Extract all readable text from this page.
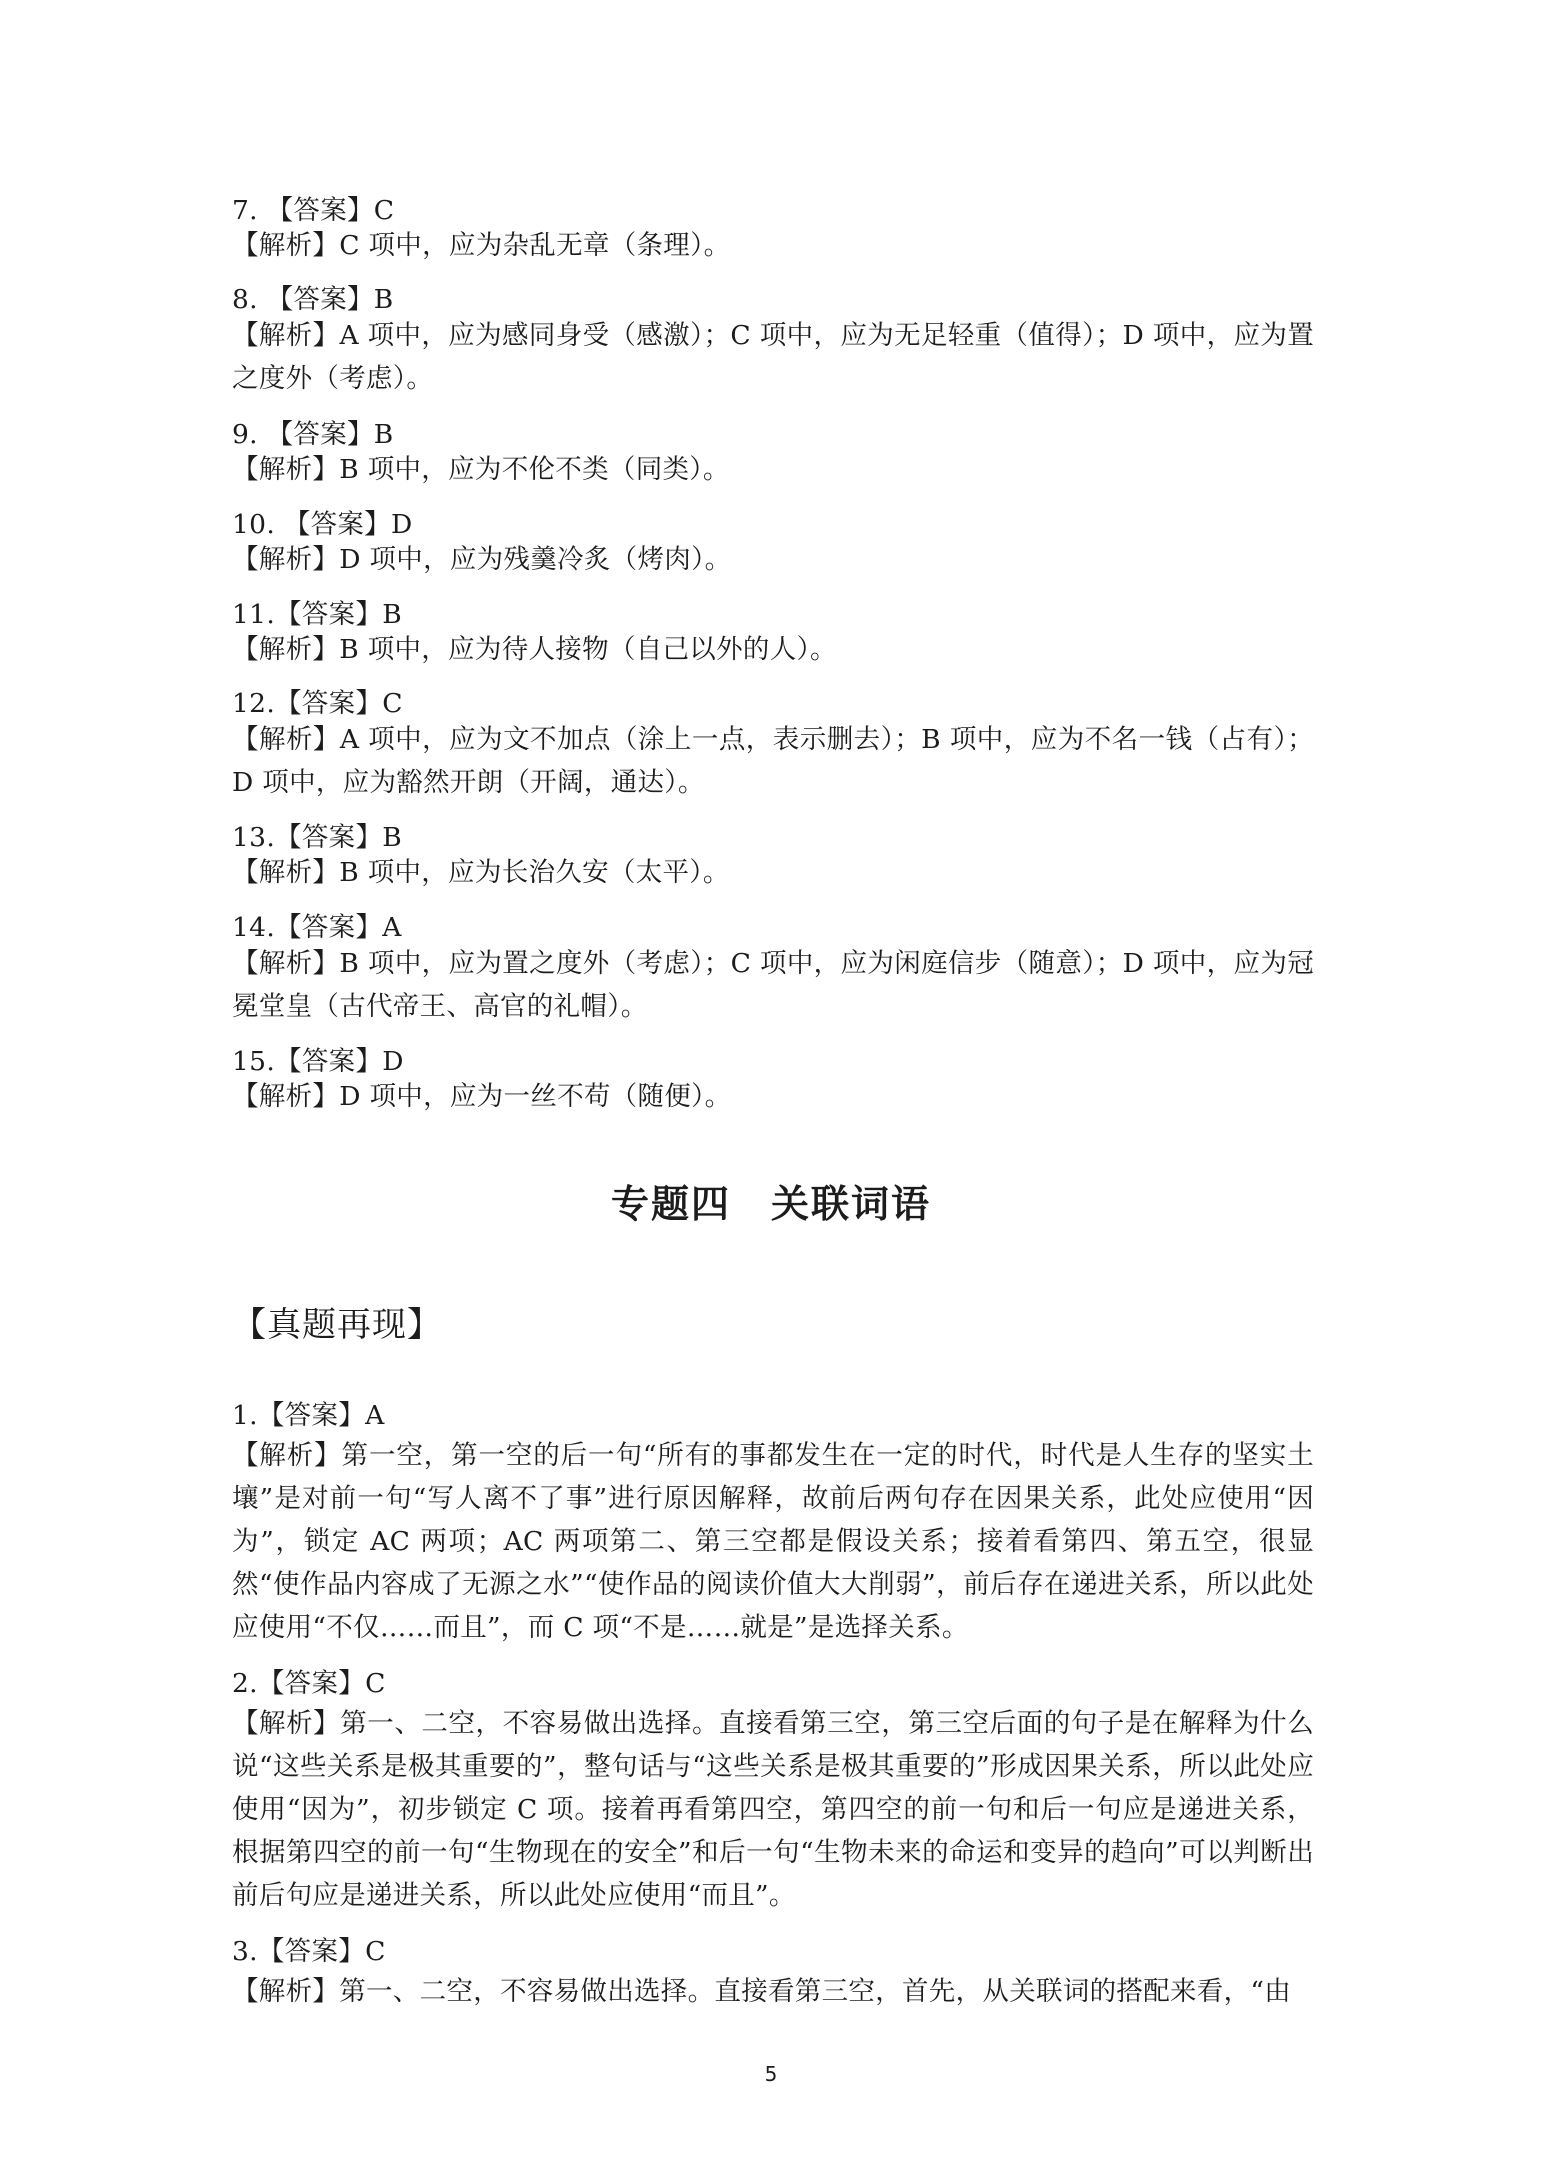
7. 【答案】C
【解析】C 项中，应为杂乱无章（条理）。
8. 【答案】B
【解析】A 项中，应为感同身受（感激）；C 项中，应为无足轻重（值得）；D 项中，应为置之度外（考虑）。
9. 【答案】B
【解析】B 项中，应为不伦不类（同类）。
10. 【答案】D
【解析】D 项中，应为残羹冷炙（烤肉）。
11.【答案】B
【解析】B 项中，应为待人接物（自己以外的人）。
12.【答案】C
【解析】A 项中，应为文不加点（涂上一点，表示删去）；B 项中，应为不名一钱（占有）；D 项中，应为豁然开朗（开阔，通达）。
13.【答案】B
【解析】B 项中，应为长治久安（太平）。
14.【答案】A
【解析】B 项中，应为置之度外（考虑）；C 项中，应为闲庭信步（随意）；D 项中，应为冠冕堂皇（古代帝王、高官的礼帽）。
15.【答案】D
【解析】D 项中，应为一丝不苟（随便）。
专题四　关联词语
【真题再现】
1.【答案】A
【解析】第一空，第一空的后一句“所有的事都发生在一定的时代，时代是人生存的坚实土壤”是对前一句“写人离不了事”进行原因解释，故前后两句存在因果关系，此处应使用“因为”，锁定 AC 两项；AC 两项第二、第三空都是假设关系；接着看第四、第五空，很显然“使作品内容成了无源之水”“使作品的阅读价值大大削弱”，前后存在递进关系，所以此处应使用“不仅……而且”，而 C 项“不是……就是”是选择关系。
2.【答案】C
【解析】第一、二空，不容易做出选择。直接看第三空，第三空后面的句子是在解释为什么说“这些关系是极其重要的”，整句话与“这些关系是极其重要的”形成因果关系，所以此处应使用“因为”，初步锁定 C 项。接着再看第四空，第四空的前一句和后一句应是递进关系，根据第四空的前一句“生物现在的安全”和后一句“生物未来的命运和变异的趋向”可以判断出前后句应是递进关系，所以此处应使用“而且”。
3.【答案】C
【解析】第一、二空，不容易做出选择。直接看第三空，首先，从关联词的搭配来看，“由
5
